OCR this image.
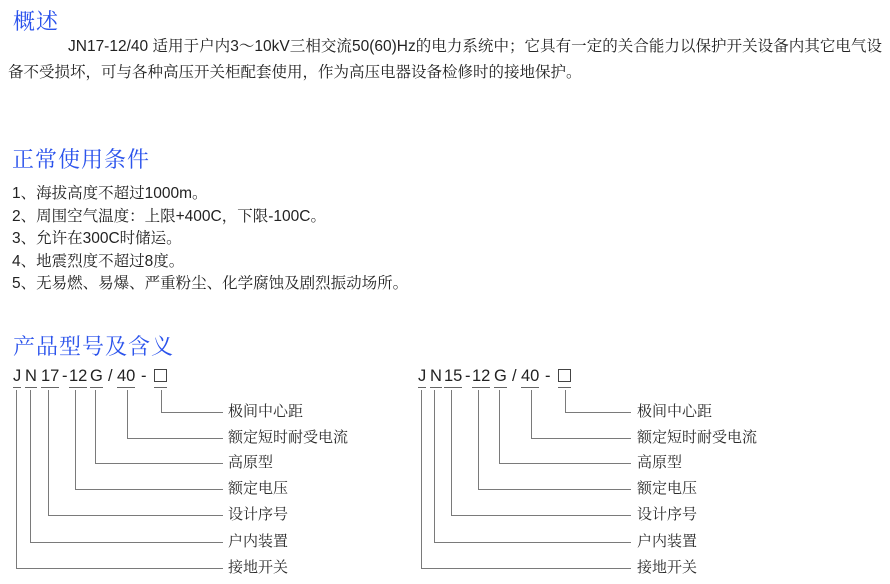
概述

JN17-12/40 适用于户内3～10kV三相交流50(60)Hz的电力系统中；它具有一定的关合能力以保护开关设备内其它电气设备不受损坏，可与各种高压开关柜配套使用，作为高压电器设备检修时的接地保护。

正常使用条件
1、海拔高度不超过1000m。
2、周围空气温度：上限+400C，下限-100C。
3、允许在300C时储运。
4、地震烈度不超过8度。
5、无易燃、易爆、严重粉尘、化学腐蚀及剧烈振动场所。
产品型号及含义
J N 17 - 12 G / 40 -
极间中心距
额定短时耐受电流
高原型
额定电压
设计序号
户内装置
接地开关
J N 15 - 12 G / 40 -
极间中心距
额定短时耐受电流
高原型
额定电压
设计序号
户内装置
接地开关
